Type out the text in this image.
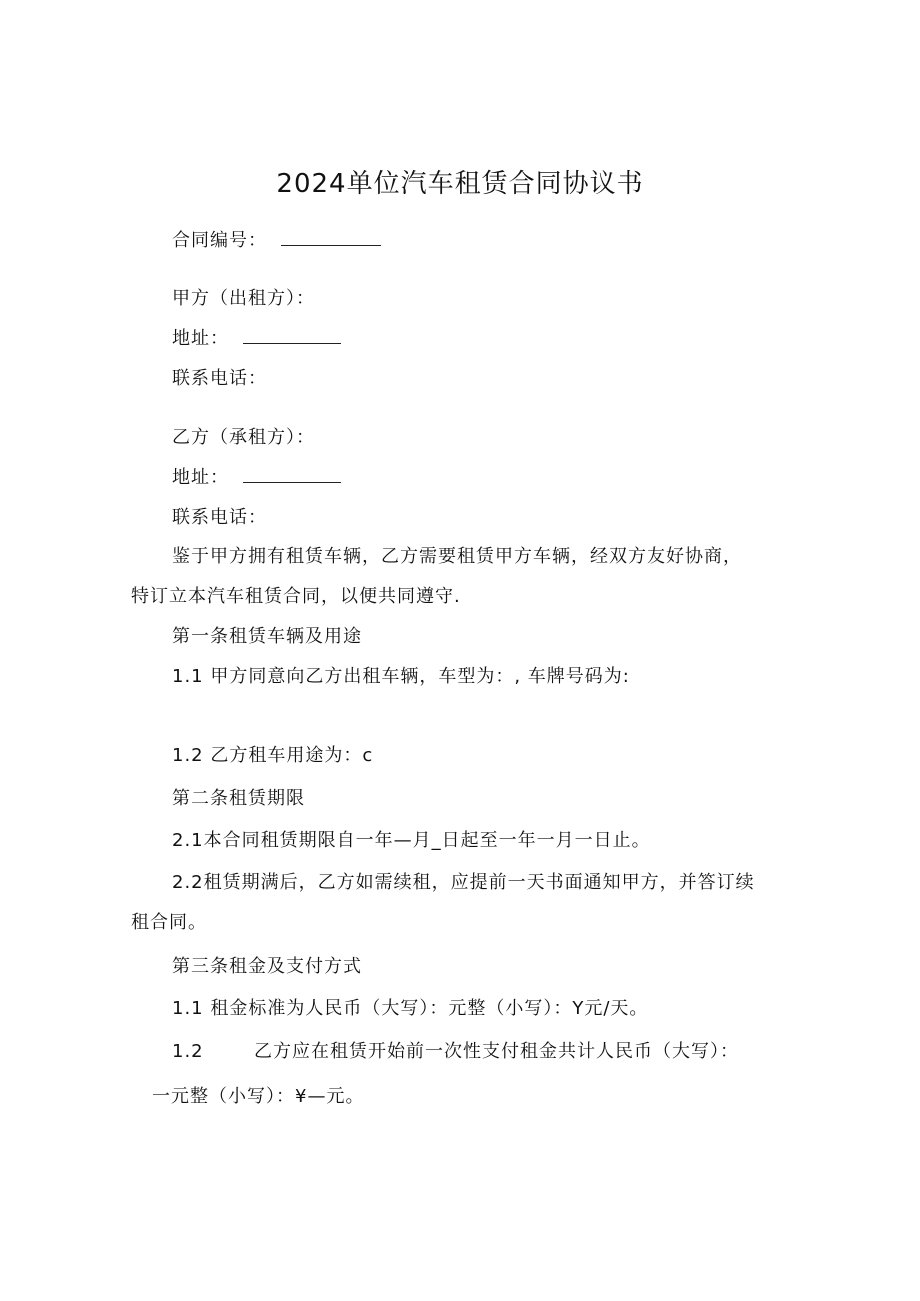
2024单位汽车租赁合同协议书
合同编号：
甲方（出租方）：
地址：
联系电话：
乙方（承租方）：
地址：
联系电话：
鉴于甲方拥有租赁车辆，乙方需要租赁甲方车辆，经双方友好协商，
特订立本汽车租赁合同，以便共同遵守.
第一条租赁车辆及用途
1.1 甲方同意向乙方出租车辆，车型为：, 车牌号码为:
1.2 乙方租车用途为：c
第二条租赁期限
2.1本合同租赁期限自一年—月_日起至一年一月一日止。
2.2租赁期满后，乙方如需续租，应提前一天书面通知甲方，并答订续
租合同。
第三条租金及支付方式
1.1 租金标准为人民币（大写）：元整（小写）：Y元/天。
1.2	乙方应在租赁开始前一次性支付租金共计人民币（大写）：
一元整（小写）：¥—元。
